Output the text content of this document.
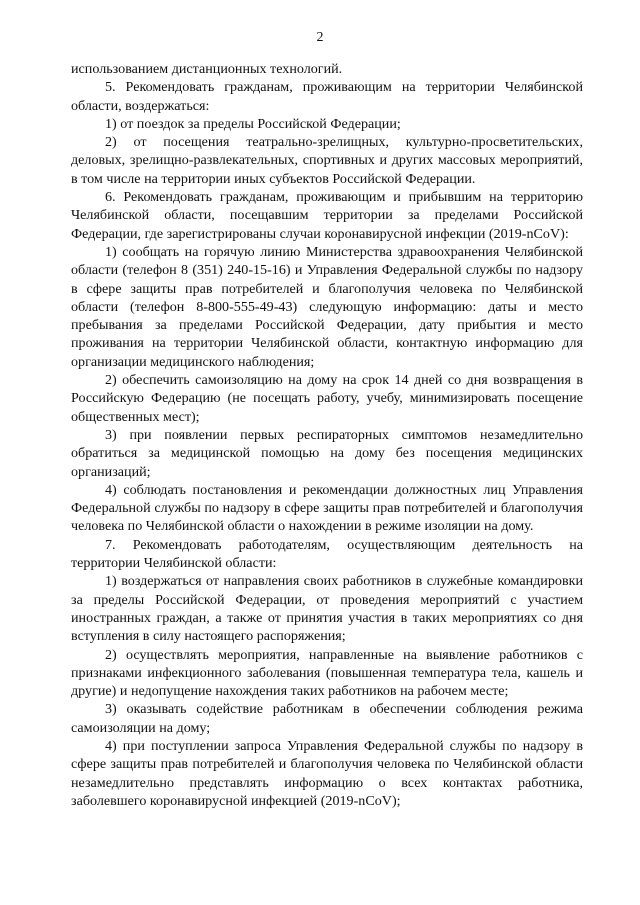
2

использованием дистанционных технологий.

5. Рекомендовать гражданам, проживающим на территории Челябинской области, воздержаться:

1) от поездок за пределы Российской Федерации;

2) от посещения театрально-зрелищных, культурно-просветительских, деловых, зрелищно-развлекательных, спортивных и других массовых мероприятий, в том числе на территории иных субъектов Российской Федерации.

6. Рекомендовать гражданам, проживающим и прибывшим на территорию Челябинской области, посещавшим территории за пределами Российской Федерации, где зарегистрированы случаи коронавирусной инфекции (2019-nCoV):

1) сообщать на горячую линию Министерства здравоохранения Челябинской области (телефон 8 (351) 240-15-16) и Управления Федеральной службы по надзору в сфере защиты прав потребителей и благополучия человека по Челябинской области (телефон 8-800-555-49-43) следующую информацию: даты и место пребывания за пределами Российской Федерации, дату прибытия и место проживания на территории Челябинской области, контактную информацию для организации медицинского наблюдения;

2) обеспечить самоизоляцию на дому на срок 14 дней со дня возвращения в Российскую Федерацию (не посещать работу, учебу, минимизировать посещение общественных мест);

3) при появлении первых респираторных симптомов незамедлительно обратиться за медицинской помощью на дому без посещения медицинских организаций;

4) соблюдать постановления и рекомендации должностных лиц Управления Федеральной службы по надзору в сфере защиты прав потребителей и благополучия человека по Челябинской области о нахождении в режиме изоляции на дому.

7. Рекомендовать работодателям, осуществляющим деятельность на территории Челябинской области:

1) воздержаться от направления своих работников в служебные командировки за пределы Российской Федерации, от проведения мероприятий с участием иностранных граждан, а также от принятия участия в таких мероприятиях со дня вступления в силу настоящего распоряжения;

2) осуществлять мероприятия, направленные на выявление работников с признаками инфекционного заболевания (повышенная температура тела, кашель и другие) и недопущение нахождения таких работников на рабочем месте;

3) оказывать содействие работникам в обеспечении соблюдения режима самоизоляции на дому;

4) при поступлении запроса Управления Федеральной службы по надзору в сфере защиты прав потребителей и благополучия человека по Челябинской области незамедлительно представлять информацию о всех контактах работника, заболевшего коронавирусной инфекцией (2019-nCoV);
